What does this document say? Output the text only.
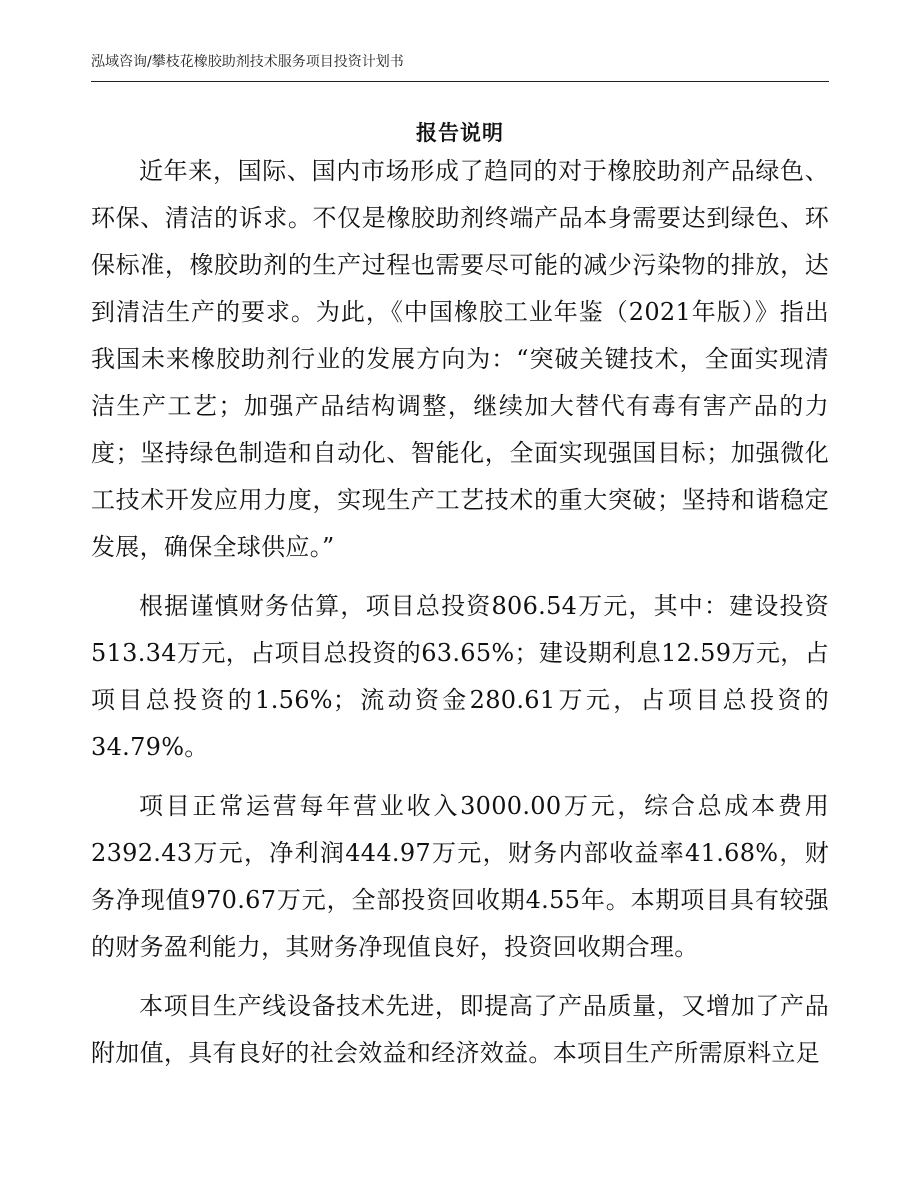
泓域咨询/攀枝花橡胶助剂技术服务项目投资计划书
报告说明

近年来，国际、国内市场形成了趋同的对于橡胶助剂产品绿色、环保、清洁的诉求。不仅是橡胶助剂终端产品本身需要达到绿色、环保标准，橡胶助剂的生产过程也需要尽可能的减少污染物的排放，达到清洁生产的要求。为此，《中国橡胶工业年鉴（2021年版）》指出我国未来橡胶助剂行业的发展方向为：“突破关键技术，全面实现清洁生产工艺；加强产品结构调整，继续加大替代有毒有害产品的力度；坚持绿色制造和自动化、智能化，全面实现强国目标；加强微化工技术开发应用力度，实现生产工艺技术的重大突破；坚持和谐稳定发展，确保全球供应。”

根据谨慎财务估算，项目总投资806.54万元，其中：建设投资513.34万元，占项目总投资的63.65%；建设期利息12.59万元，占项目总投资的1.56%；流动资金280.61万元，占项目总投资的34.79%。

项目正常运营每年营业收入3000.00万元，综合总成本费用2392.43万元，净利润444.97万元，财务内部收益率41.68%，财务净现值970.67万元，全部投资回收期4.55年。本期项目具有较强的财务盈利能力，其财务净现值良好，投资回收期合理。

本项目生产线设备技术先进，即提高了产品质量，又增加了产品附加值，具有良好的社会效益和经济效益。本项目生产所需原料立足
